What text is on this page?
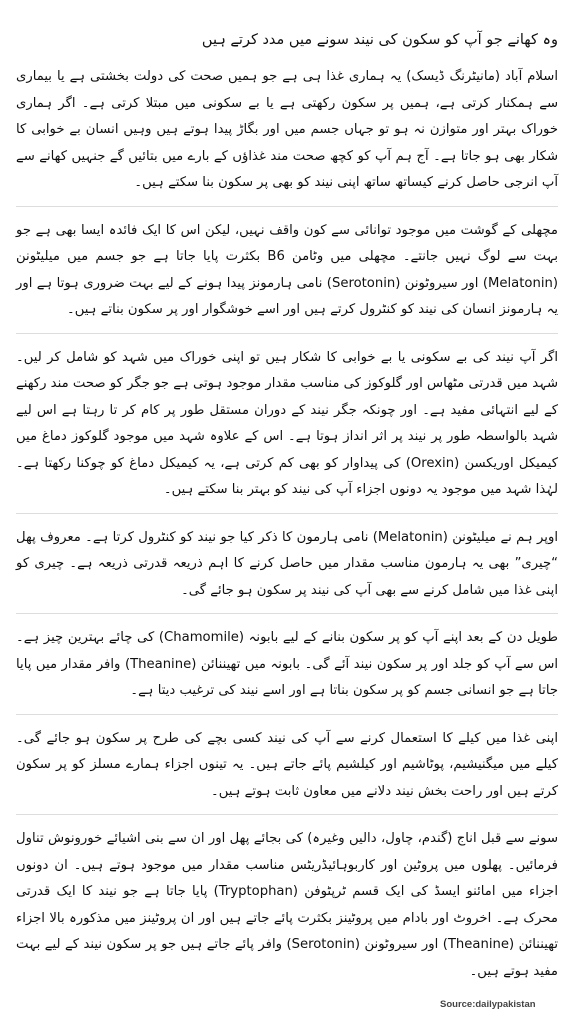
وہ کھانے جو آپ کو سکون کی نیند سونے میں مدد کرتے ہیں

اسلام آباد (مانیٹرنگ ڈیسک) یہ ہماری غذا ہی ہے جو ہمیں صحت کی دولت بخشتی ہے یا بیماری سے ہمکنار کرتی ہے، ہمیں پر سکون رکھتی ہے یا بے سکونی میں مبتلا کرتی ہے۔ اگر ہماری خوراک بہتر اور متوازن نہ ہو تو جہاں جسم میں اور بگاڑ پیدا ہوتے ہیں وہیں انسان بے خوابی کا شکار بھی ہو جاتا ہے۔ آج ہم آپ کو کچھ صحت مند غذاؤں کے بارے میں بتائیں گے جنہیں کھانے سے آپ انرجی حاصل کرنے کیساتھ ساتھ اپنی نیند کو بھی پر سکون بنا سکتے ہیں۔

مچھلی کے گوشت میں موجود توانائی سے کون واقف نہیں، لیکن اس کا ایک فائدہ ایسا بھی ہے جو بہت سے لوگ نہیں جانتے۔ مچھلی میں وٹامن B6 بکثرت پایا جاتا ہے جو جسم میں میلیٹونن (Melatonin) اور سیروٹونن (Serotonin) نامی ہارمونز پیدا ہونے کے لیے بہت ضروری ہوتا ہے اور یہ ہارمونز انسان کی نیند کو کنٹرول کرتے ہیں اور اسے خوشگوار اور پر سکون بناتے ہیں۔

اگر آپ نیند کی بے سکونی یا بے خوابی کا شکار ہیں تو اپنی خوراک میں شہد کو شامل کر لیں۔ شہد میں قدرتی مٹھاس اور گلوکوز کی مناسب مقدار موجود ہوتی ہے جو جگر کو صحت مند رکھنے کے لیے انتہائی مفید ہے۔ اور چونکہ جگر نیند کے دوران مستقل طور پر کام کر تا رہتا ہے اس لیے شہد بالواسطہ طور پر نیند پر اثر انداز ہوتا ہے۔ اس کے علاوہ شہد میں موجود گلوکوز دماغ میں کیمیکل اوریکسن (Orexin) کی پیداوار کو بھی کم کرتی ہے، یہ کیمیکل دماغ کو چوکنا رکھتا ہے۔ لہٰذا شہد میں موجود یہ دونوں اجزاء آپ کی نیند کو بہتر بنا سکتے ہیں۔

اوپر ہم نے میلیٹونن (Melatonin) نامی ہارمون کا ذکر کیا جو نیند کو کنٹرول کرتا ہے۔ معروف پھل “چیری” بھی یہ ہارمون مناسب مقدار میں حاصل کرنے کا اہم ذریعہ قدرتی ذریعہ ہے۔ چیری کو اپنی غذا میں شامل کرنے سے بھی آپ کی نیند پر سکون ہو جائے گی۔

طویل دن کے بعد اپنے آپ کو پر سکون بنانے کے لیے بابونہ (Chamomile) کی چائے بہترین چیز ہے۔ اس سے آپ کو جلد اور پر سکون نیند آئے گی۔ بابونہ میں تھیننائن (Theanine) وافر مقدار میں پایا جاتا ہے جو انسانی جسم کو پر سکون بناتا ہے اور اسے نیند کی ترغیب دیتا ہے۔

اپنی غذا میں کیلے کا استعمال کرنے سے آپ کی نیند کسی بچے کی طرح پر سکون ہو جائے گی۔ کیلے میں میگنیشیم، پوٹاشیم اور کیلشیم پائے جاتے ہیں۔ یہ تینوں اجزاء ہمارے مسلز کو پر سکون کرتے ہیں اور راحت بخش نیند دلانے میں معاون ثابت ہوتے ہیں۔

سونے سے قبل اناج (گندم، چاول، دالیں وغیرہ) کی بجائے پھل اور ان سے بنی اشیائے خورونوش تناول فرمائیں۔ پھلوں میں پروٹین اور کاربوہائیڈریٹس مناسب مقدار میں موجود ہوتے ہیں۔ ان دونوں اجزاء میں امائنو ایسڈ کی ایک قسم ٹرپٹوفن (Tryptophan) پایا جاتا ہے جو نیند کا ایک قدرتی محرک ہے۔ اخروٹ اور بادام میں پروٹینز بکثرت پائے جاتے ہیں اور ان پروٹینز میں مذکورہ بالا اجزاء تھیننائن (Theanine) اور سیروٹونن (Serotonin) وافر پائے جاتے ہیں جو پر سکون نیند کے لیے بہت مفید ہوتے ہیں۔

Source:dailypakistan
